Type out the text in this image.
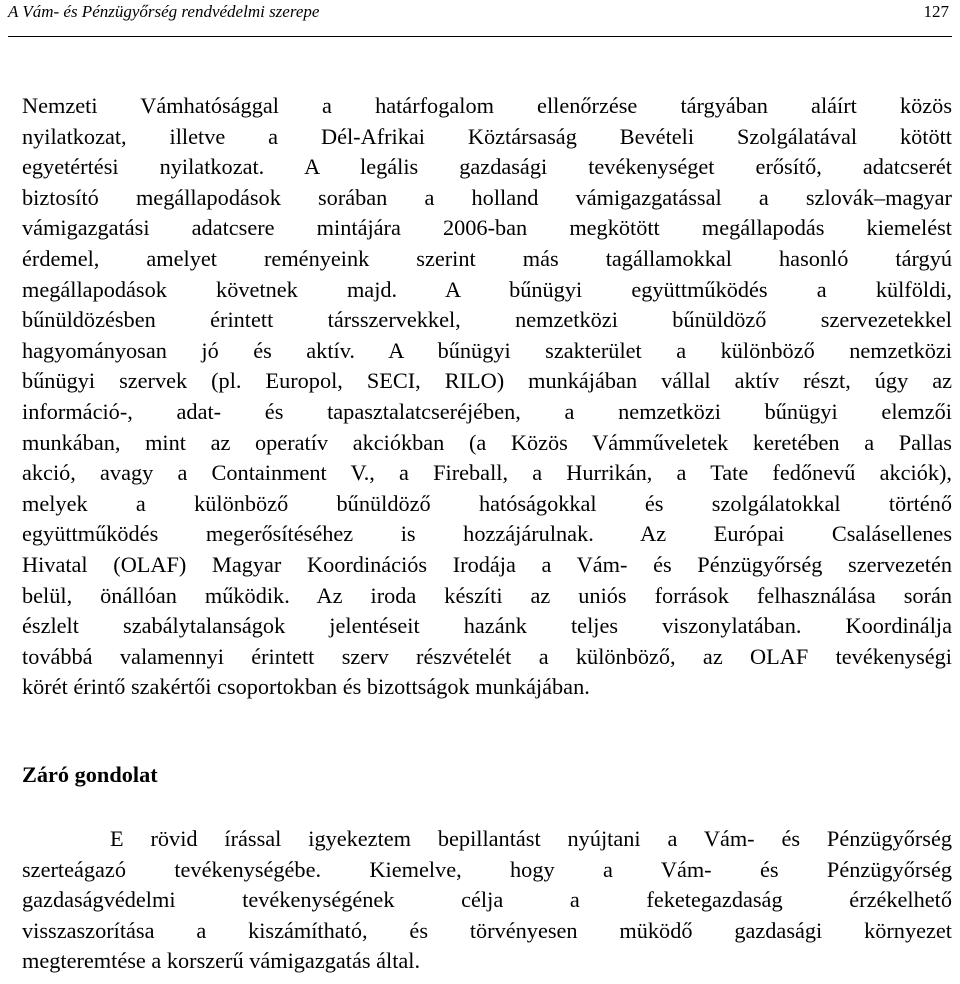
A Vám- és Pénzügyőrség rendvédelmi szerepe	127

Nemzeti Vámhatósággal a határfogalom ellenőrzése tárgyában aláírt közös
nyilatkozat, illetve a Dél-Afrikai Köztársaság Bevételi Szolgálatával kötött
egyetértési nyilatkozat. A legális gazdasági tevékenységet erősítő, adatcserét
biztosító megállapodások sorában a holland vámigazgatással a szlovák–magyar
vámigazgatási adatcsere mintájára 2006-ban megkötött megállapodás kiemelést
érdemel, amelyet reményeink szerint más tagállamokkal hasonló tárgyú
megállapodások követnek majd. A bűnügyi együttműködés a külföldi,
bűnüldözésben érintett társszervekkel, nemzetközi bűnüldöző szervezetekkel
hagyományosan jó és aktív. A bűnügyi szakterület a különböző nemzetközi
bűnügyi szervek (pl. Europol, SECI, RILO) munkájában vállal aktív részt, úgy az
információ-, adat- és tapasztalatcseréjében, a nemzetközi bűnügyi elemzői
munkában, mint az operatív akciókban (a Közös Vámműveletek keretében a Pallas
akció, avagy a Containment V., a Fireball, a Hurrikán, a Tate fedőnevű akciók),
melyek a különböző bűnüldöző hatóságokkal és szolgálatokkal történő
együttműködés megerősítéséhez is hozzájárulnak. Az Európai Csalásellenes
Hivatal (OLAF) Magyar Koordinációs Irodája a Vám- és Pénzügyőrség szervezetén
belül, önállóan működik. Az iroda készíti az uniós források felhasználása során
észlelt szabálytalanságok jelentéseit hazánk teljes viszonylatában. Koordinálja
továbbá valamennyi érintett szerv részvételét a különböző, az OLAF tevékenységi
körét érintő szakértői csoportokban és bizottságok munkájában.

Záró gondolat

E rövid írással igyekeztem bepillantást nyújtani a Vám- és Pénzügyőrség
szerteágazó tevékenységébe. Kiemelve, hogy a Vám- és Pénzügyőrség
gazdaságvédelmi tevékenységének célja a feketegazdaság érzékelhető
visszaszorítása a kiszámítható, és törvényesen müködő gazdasági környezet
megteremtése a korszerű vámigazgatás által.
